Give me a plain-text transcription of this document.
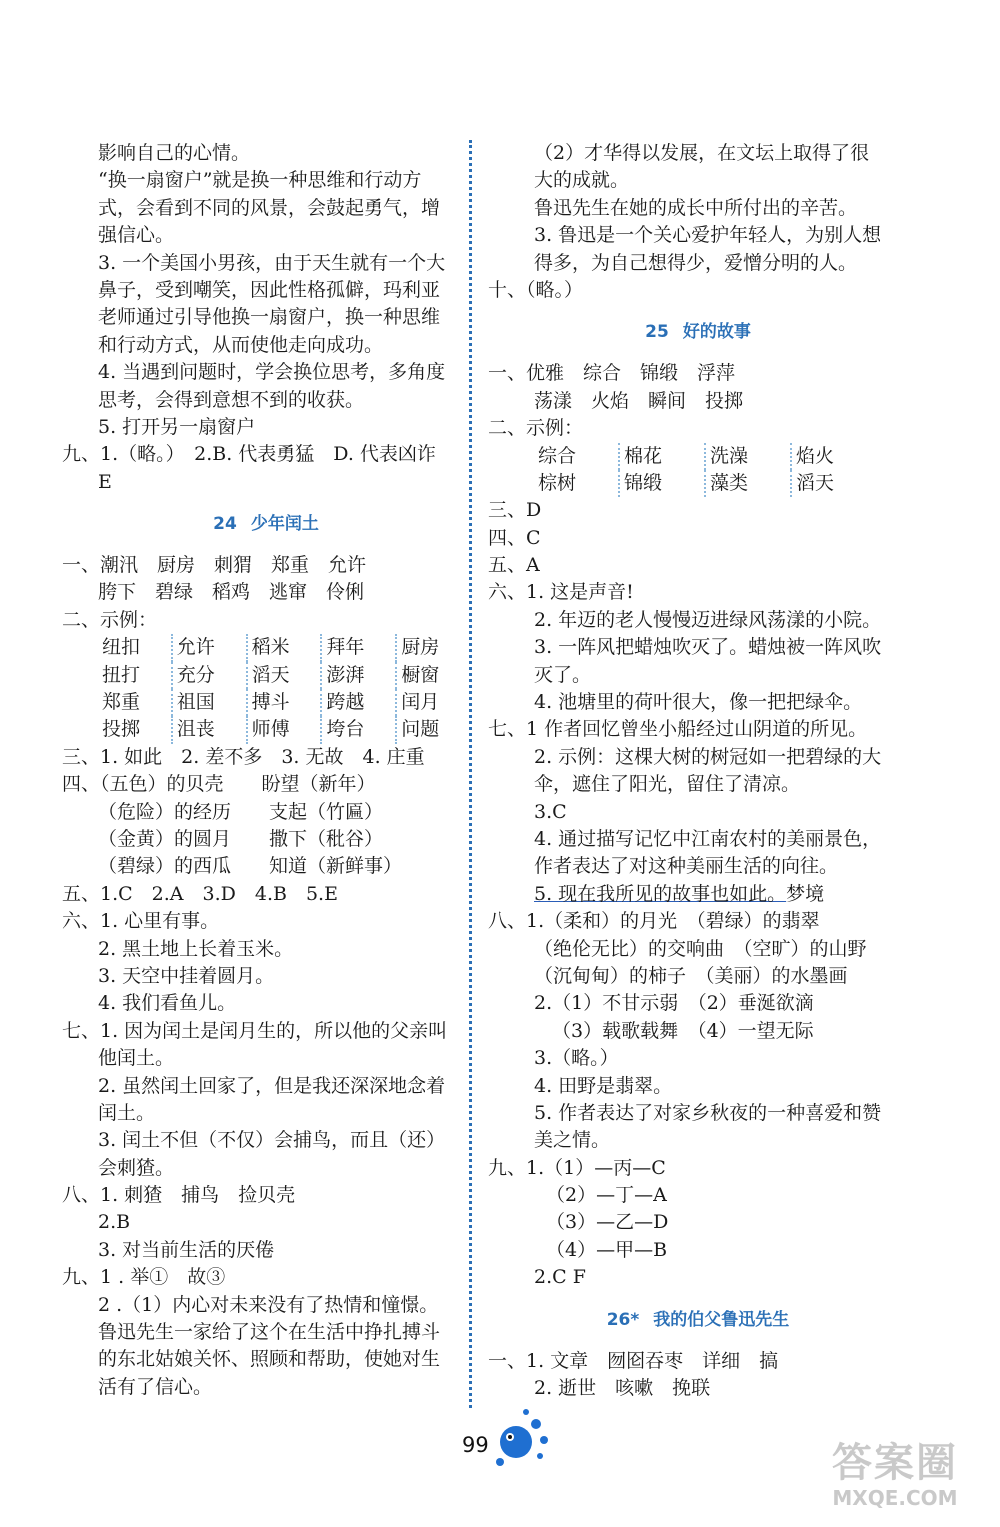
影响自己的心情。
“换一扇窗户”就是换一种思维和行动方
式，会看到不同的风景，会鼓起勇气，增
强信心。
3. 一个美国小男孩，由于天生就有一个大
鼻子，受到嘲笑，因此性格孤僻，玛利亚
老师通过引导他换一扇窗户，换一种思维
和行动方式，从而使他走向成功。
4. 当遇到问题时，学会换位思考，多角度
思考，会得到意想不到的收获。
5. 打开另一扇窗户
九、1.（略。）　2.B. 代表勇猛　D. 代表凶诈
E
24 少年闰土
一、潮汛　厨房　刺猬　郑重　允许
胯下　碧绿　稻鸡　逃窜　伶俐
二、示例：
纽扣	允许	稻米	拜年	厨房
扭打	充分	滔天	澎湃	橱窗
郑重	祖国	搏斗	跨越	闰月
投掷	沮丧	师傅	垮台	问题
三、1. 如此　2. 差不多　3. 无故　4. 庄重
四、（五色）的贝壳　　盼望（新年）
（危险）的经历　　支起（竹匾）
（金黄）的圆月　　撒下（秕谷）
（碧绿）的西瓜　　知道（新鲜事）
五、1.C　2.A　3.D　4.B　5.E
六、1. 心里有事。
2. 黑土地上长着玉米。
3. 天空中挂着圆月。
4. 我们看鱼儿。
七、1. 因为闰土是闰月生的，所以他的父亲叫
他闰土。
2. 虽然闰土回家了，但是我还深深地念着
闰土。
3. 闰土不但（不仅）会捕鸟，而且（还）
会刺猹。
八、1. 刺猹　捕鸟　捡贝壳
2.B
3. 对当前生活的厌倦
九、1 . 举①　故③
2 .（1）内心对未来没有了热情和憧憬。
鲁迅先生一家给了这个在生活中挣扎搏斗
的东北姑娘关怀、照顾和帮助，使她对生
活有了信心。
（2）才华得以发展，在文坛上取得了很
大的成就。
鲁迅先生在她的成长中所付出的辛苦。
3. 鲁迅是一个关心爱护年轻人，为别人想
得多，为自己想得少，爱憎分明的人。
十、（略。）
25 好的故事
一、优雅　综合　锦缎　浮萍
荡漾　火焰　瞬间　投掷
二、示例：
综合	棉花	洗澡	焰火
棕树	锦缎	藻类	滔天
三、D
四、C
五、A
六、1. 这是声音!
2. 年迈的老人慢慢迈进绿风荡漾的小院。
3. 一阵风把蜡烛吹灭了。蜡烛被一阵风吹
灭了。
4. 池塘里的荷叶很大，像一把把绿伞。
七、1 作者回忆曾坐小船经过山阴道的所见。
2. 示例：这棵大树的树冠如一把碧绿的大
伞，遮住了阳光，留住了清凉。
3.C
4. 通过描写记忆中江南农村的美丽景色，
作者表达了对这种美丽生活的向往。
5. 现在我所见的故事也如此。梦境
八、1.（柔和）的月光　（碧绿）的翡翠
（绝伦无比）的交响曲　（空旷）的山野
（沉甸甸）的柿子　（美丽）的水墨画
2.（1）不甘示弱　（2）垂涎欲滴
（3）载歌载舞　（4）一望无际
3.（略。）
4. 田野是翡翠。
5. 作者表达了对家乡秋夜的一种喜爱和赞
美之情。
九、1.（1）—丙—C
（2）—丁—A
（3）—乙—D
（4）—甲—B
2.C F
26* 我的伯父鲁迅先生
一、1. 文章　囫囵吞枣　详细　搞
2. 逝世　咳嗽　挽联
99	答案圈
MXQE.COM
